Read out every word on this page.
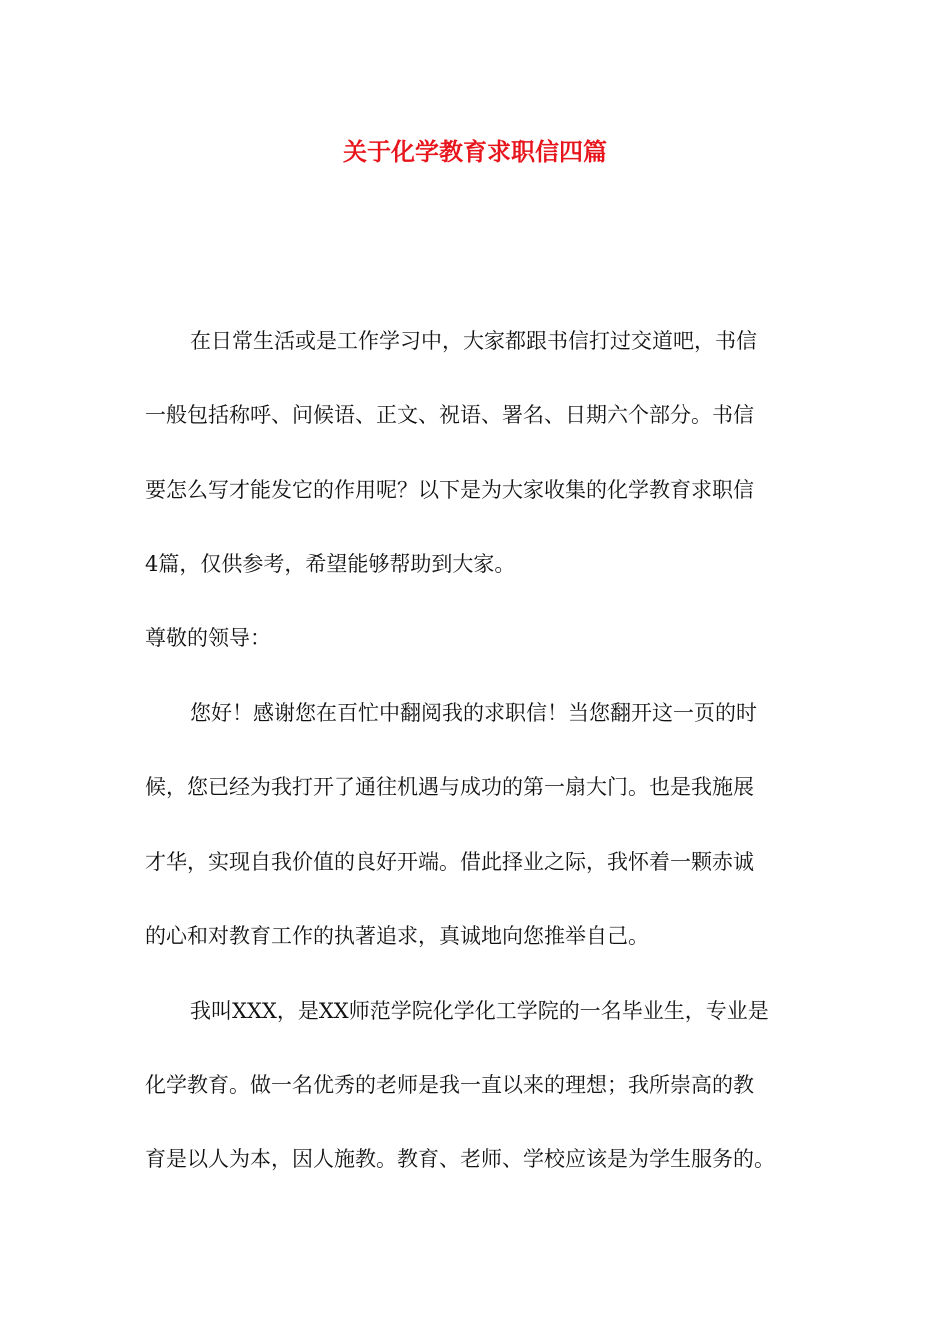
关于化学教育求职信四篇

在日常生活或是工作学习中，大家都跟书信打过交道吧，书信

一般包括称呼、问候语、正文、祝语、署名、日期六个部分。书信

要怎么写才能发它的作用呢？以下是为大家收集的化学教育求职信

4篇，仅供参考，希望能够帮助到大家。

尊敬的领导：

您好！感谢您在百忙中翻阅我的求职信！当您翻开这一页的时

候，您已经为我打开了通往机遇与成功的第一扇大门。也是我施展

才华，实现自我价值的良好开端。借此择业之际，我怀着一颗赤诚

的心和对教育工作的执著追求，真诚地向您推举自己。

我叫XXX，是XX师范学院化学化工学院的一名毕业生，专业是

化学教育。做一名优秀的老师是我一直以来的理想；我所崇高的教

育是以人为本，因人施教。教育、老师、学校应该是为学生服务的。
